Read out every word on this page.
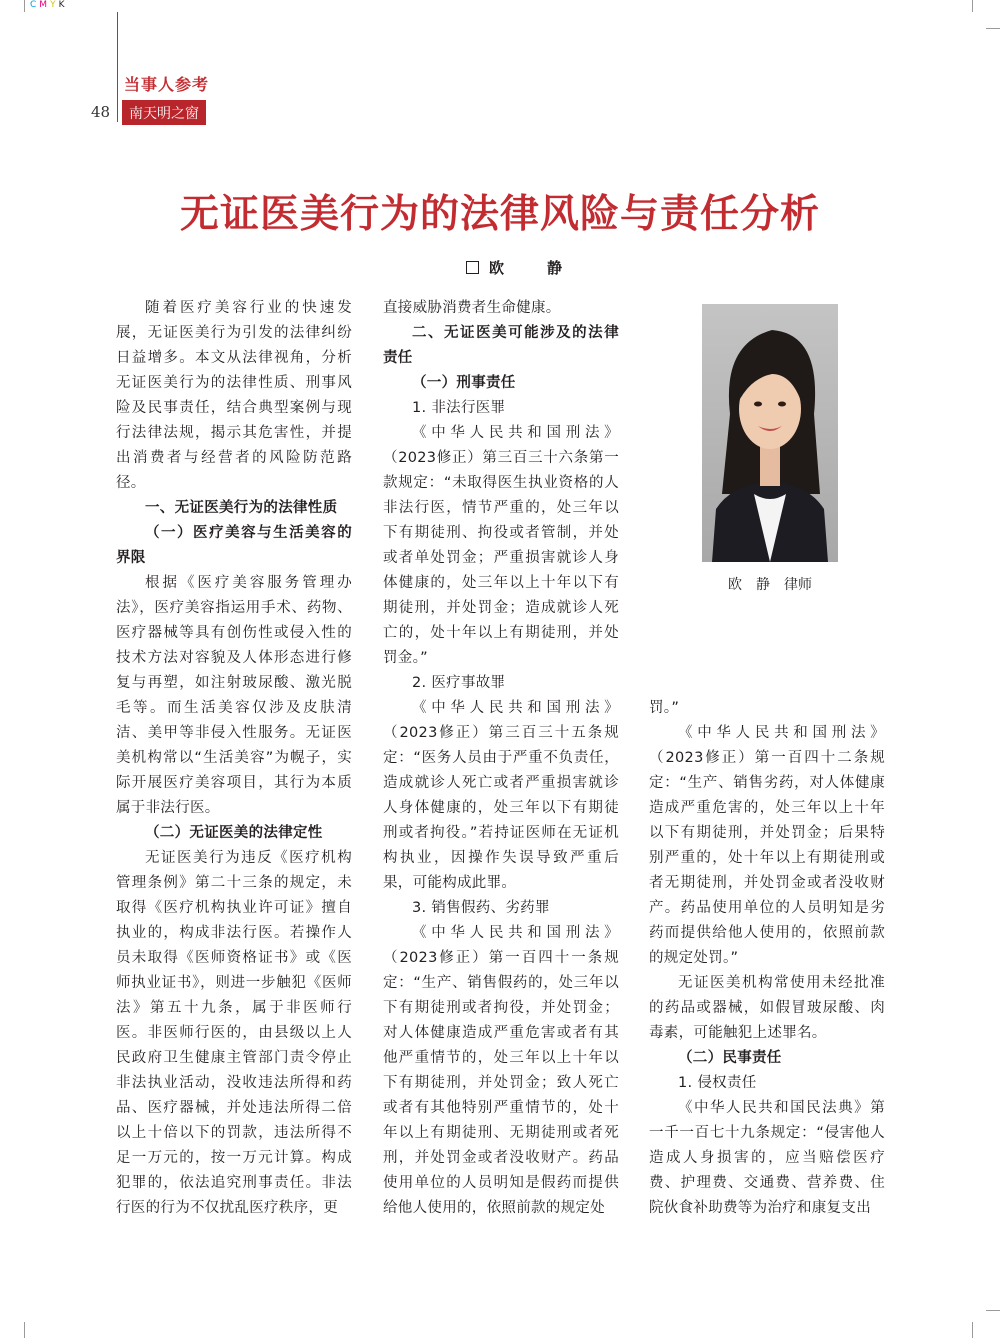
C M Y K
当事人参考
48	南天明之窗
无证医美行为的法律风险与责任分析
欧　静

随着医疗美容行业的快速发展，无证医美行为引发的法律纠纷日益增多。本文从法律视角，分析无证医美行为的法律性质、刑事风险及民事责任，结合典型案例与现行法律法规，揭示其危害性，并提出消费者与经营者的风险防范路径。

一、无证医美行为的法律性质

（一）医疗美容与生活美容的界限

根据《医疗美容服务管理办法》，医疗美容指运用手术、药物、医疗器械等具有创伤性或侵入性的技术方法对容貌及人体形态进行修复与再塑，如注射玻尿酸、激光脱毛等。而生活美容仅涉及皮肤清洁、美甲等非侵入性服务。无证医美机构常以“生活美容”为幌子，实际开展医疗美容项目，其行为本质属于非法行医。

（二）无证医美的法律定性

无证医美行为违反《医疗机构管理条例》第二十三条的规定，未取得《医疗机构执业许可证》擅自执业的，构成非法行医。若操作人员未取得《医师资格证书》或《医师执业证书》，则进一步触犯《医师法》第五十九条，属于非医师行医。非医师行医的，由县级以上人民政府卫生健康主管部门责令停止非法执业活动，没收违法所得和药品、医疗器械，并处违法所得二倍以上十倍以下的罚款，违法所得不足一万元的，按一万元计算。构成犯罪的，依法追究刑事责任。非法行医的行为不仅扰乱医疗秩序，更

直接威胁消费者生命健康。

二、无证医美可能涉及的法律责任

（一）刑事责任

1. 非法行医罪

《中华人民共和国刑法》（2023修正）第三百三十六条第一款规定：“未取得医生执业资格的人非法行医，情节严重的，处三年以下有期徒刑、拘役或者管制，并处或者单处罚金；严重损害就诊人身体健康的，处三年以上十年以下有期徒刑，并处罚金；造成就诊人死亡的，处十年以上有期徒刑，并处罚金。”

2. 医疗事故罪

《中华人民共和国刑法》（2023修正）第三百三十五条规定：“医务人员由于严重不负责任，造成就诊人死亡或者严重损害就诊人身体健康的，处三年以下有期徒刑或者拘役。”若持证医师在无证机构执业，因操作失误导致严重后果，可能构成此罪。

3. 销售假药、劣药罪

《中华人民共和国刑法》（2023修正）第一百四十一条规定：“生产、销售假药的，处三年以下有期徒刑或者拘役，并处罚金；对人体健康造成严重危害或者有其他严重情节的，处三年以上十年以下有期徒刑，并处罚金；致人死亡或者有其他特别严重情节的，处十年以上有期徒刑、无期徒刑或者死刑，并处罚金或者没收财产。药品使用单位的人员明知是假药而提供给他人使用的，依照前款的规定处

罚。”

《中华人民共和国刑法》（2023修正）第一百四十二条规定：“生产、销售劣药，对人体健康造成严重危害的，处三年以上十年以下有期徒刑，并处罚金；后果特别严重的，处十年以上有期徒刑或者无期徒刑，并处罚金或者没收财产。药品使用单位的人员明知是劣药而提供给他人使用的，依照前款的规定处罚。”

无证医美机构常使用未经批准的药品或器械，如假冒玻尿酸、肉毒素，可能触犯上述罪名。

（二）民事责任

1. 侵权责任

《中华人民共和国民法典》第一千一百七十九条规定：“侵害他人造成人身损害的，应当赔偿医疗费、护理费、交通费、营养费、住院伙食补助费等为治疗和康复支出

欧　静　律师
